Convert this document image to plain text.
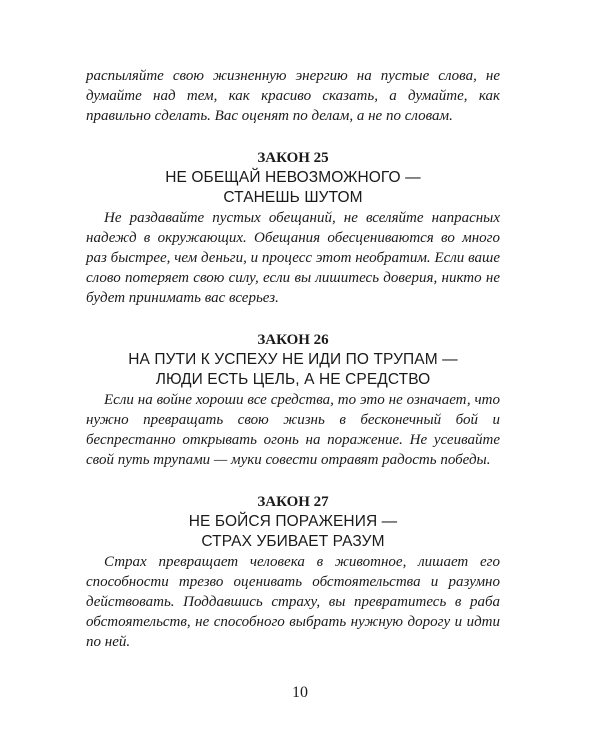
распыляйте свою жизненную энергию на пустые слова, не думайте над тем, как красиво сказать, а думайте, как правильно сделать. Вас оценят по делам, а не по словам.

ЗАКОН 25
НЕ ОБЕЩАЙ НЕВОЗМОЖНОГО —
СТАНЕШЬ ШУТОМ

Не раздавайте пустых обещаний, не вселяйте напрасных надежд в окружающих. Обещания обесцениваются во много раз быстрее, чем деньги, и процесс этот необратим. Если ваше слово потеряет свою силу, если вы лишитесь доверия, никто не будет принимать вас всерьез.

ЗАКОН 26
НА ПУТИ К УСПЕХУ НЕ ИДИ ПО ТРУПАМ —
ЛЮДИ ЕСТЬ ЦЕЛЬ, А НЕ СРЕДСТВО

Если на войне хороши все средства, то это не означает, что нужно превращать свою жизнь в бесконечный бой и беспрестанно открывать огонь на поражение. Не усеивайте свой путь трупами — муки совести отравят радость победы.

ЗАКОН 27
НЕ БОЙСЯ ПОРАЖЕНИЯ —
СТРАХ УБИВАЕТ РАЗУМ

Страх превращает человека в животное, лишает его способности трезво оценивать обстоятельства и разумно действовать. Поддавшись страху, вы превратитесь в раба обстоятельств, не способного выбрать нужную дорогу и идти по ней.

10
